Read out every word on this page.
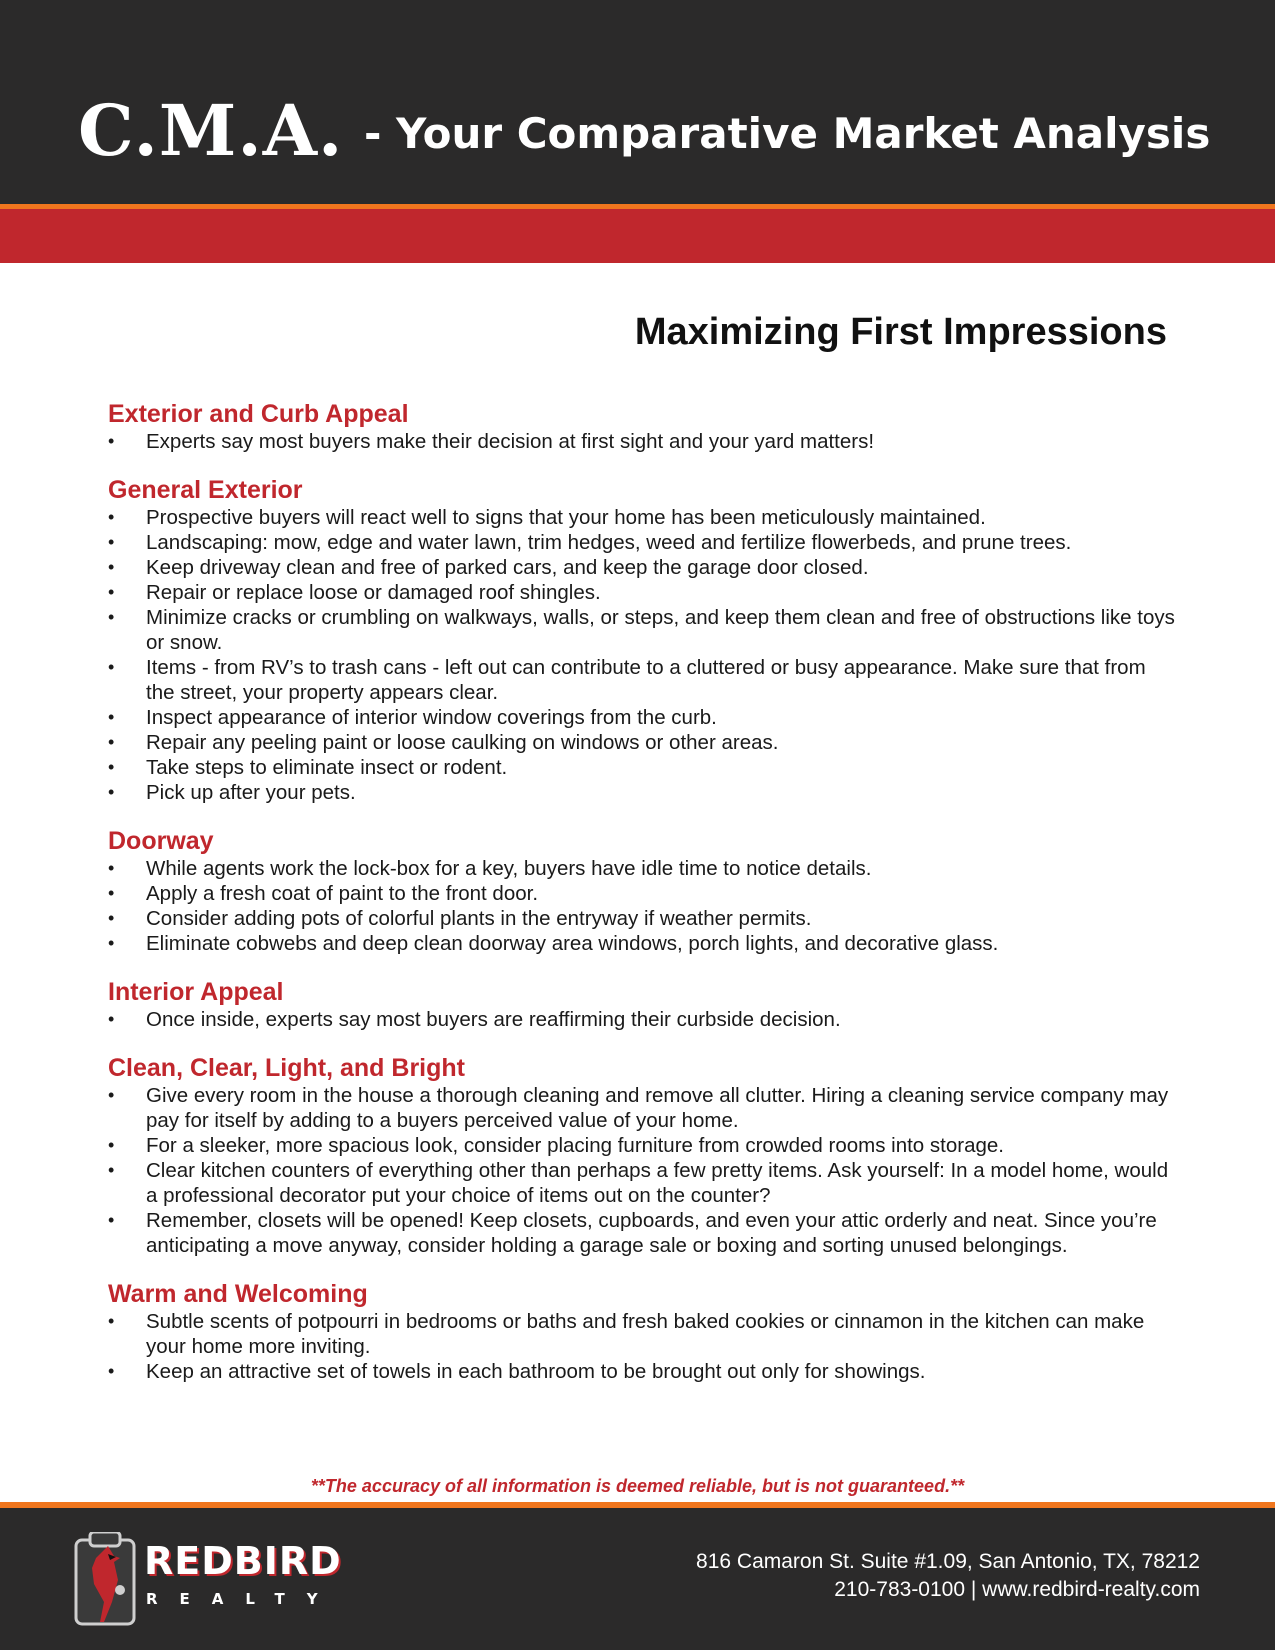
C.M.A. - Your Comparative Market Analysis
Maximizing First Impressions
Exterior and Curb Appeal
• Experts say most buyers make their decision at first sight and your yard matters!
General Exterior
• Prospective buyers will react well to signs that your home has been meticulously maintained.
• Landscaping: mow, edge and water lawn, trim hedges, weed and fertilize flowerbeds, and prune trees.
• Keep driveway clean and free of parked cars, and keep the garage door closed.
• Repair or replace loose or damaged roof shingles.
• Minimize cracks or crumbling on walkways, walls, or steps, and keep them clean and free of obstructions like toys or snow.
• Items - from RV’s to trash cans - left out can contribute to a cluttered or busy appearance. Make sure that from the street, your property appears clear.
• Inspect appearance of interior window coverings from the curb.
• Repair any peeling paint or loose caulking on windows or other areas.
• Take steps to eliminate insect or rodent.
• Pick up after your pets.
Doorway
• While agents work the lock-box for a key, buyers have idle time to notice details.
• Apply a fresh coat of paint to the front door.
• Consider adding pots of colorful plants in the entryway if weather permits.
• Eliminate cobwebs and deep clean doorway area windows, porch lights, and decorative glass.
Interior Appeal
• Once inside, experts say most buyers are reaffirming their curbside decision.
Clean, Clear, Light, and Bright
• Give every room in the house a thorough cleaning and remove all clutter. Hiring a cleaning service company may pay for itself by adding to a buyers perceived value of your home.
• For a sleeker, more spacious look, consider placing furniture from crowded rooms into storage.
• Clear kitchen counters of everything other than perhaps a few pretty items. Ask yourself: In a model home, would a professional decorator put your choice of items out on the counter?
• Remember, closets will be opened! Keep closets, cupboards, and even your attic orderly and neat. Since you’re anticipating a move anyway, consider holding a garage sale or boxing and sorting unused belongings.
Warm and Welcoming
• Subtle scents of potpourri in bedrooms or baths and fresh baked cookies or cinnamon in the kitchen can make your home more inviting.
• Keep an attractive set of towels in each bathroom to be brought out only for showings.
**The accuracy of all information is deemed reliable, but is not guaranteed.**
REDBIRD
REALTY
816 Camaron St. Suite #1.09, San Antonio, TX, 78212
210-783-0100 | www.redbird-realty.com
